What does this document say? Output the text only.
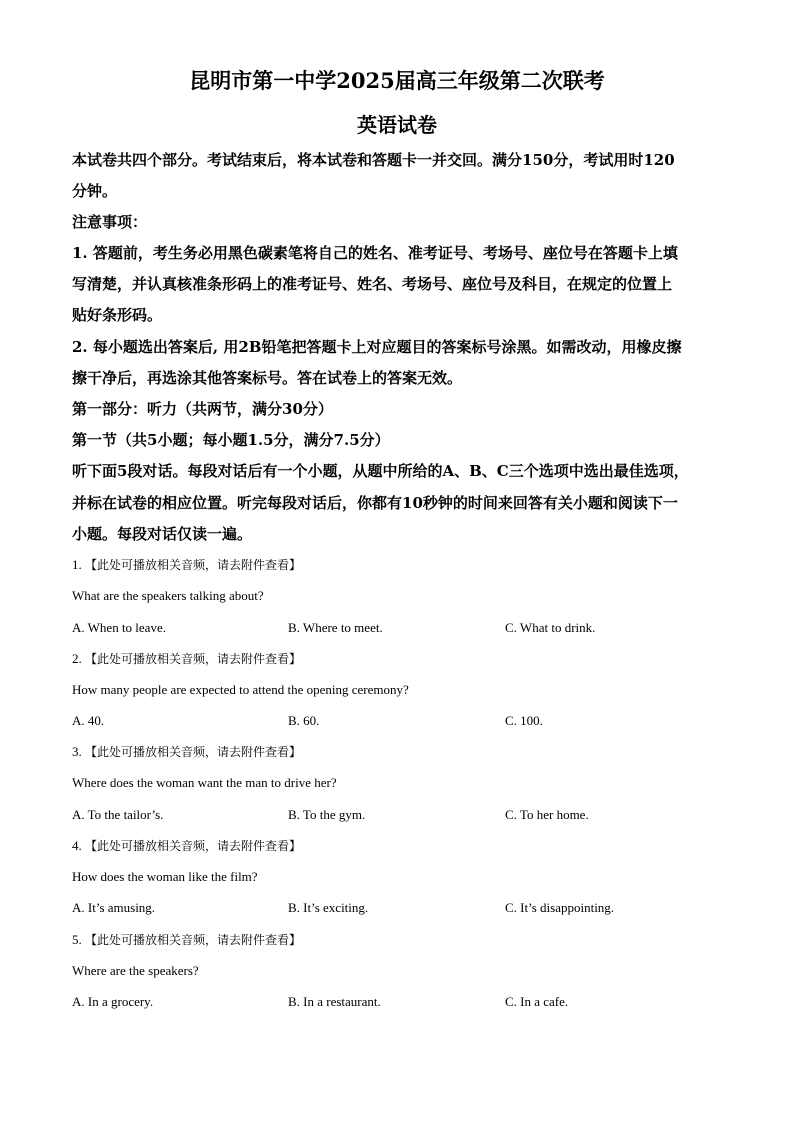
昆明市第一中学2025届高三年级第二次联考
英语试卷
本试卷共四个部分。考试结束后，将本试卷和答题卡一并交回。满分150分，考试用时120
分钟。
注意事项：
1. 答题前，考生务必用黑色碳素笔将自己的姓名、准考证号、考场号、座位号在答题卡上填
写清楚，并认真核准条形码上的准考证号、姓名、考场号、座位号及科目，在规定的位置上
贴好条形码。
2. 每小题选出答案后, 用2B铅笔把答题卡上对应题目的答案标号涂黑。如需改动，用橡皮擦
擦干净后，再选涂其他答案标号。答在试卷上的答案无效。
第一部分：听力（共两节，满分30分）
第一节（共5小题；每小题1.5分，满分7.5分）
听下面5段对话。每段对话后有一个小题，从题中所给的A、B、C三个选项中选出最佳选项，
并标在试卷的相应位置。听完每段对话后，你都有10秒钟的时间来回答有关小题和阅读下一
小题。每段对话仅读一遍。
1. 【此处可播放相关音频，请去附件查看】
What are the speakers talking about?
A. When to leave.	B. Where to meet.	C. What to drink.
2. 【此处可播放相关音频，请去附件查看】
How many people are expected to attend the opening ceremony?
A. 40.	B. 60.	C. 100.
3. 【此处可播放相关音频，请去附件查看】
Where does the woman want the man to drive her?
A. To the tailor’s.	B. To the gym.	C. To her home.
4. 【此处可播放相关音频，请去附件查看】
How does the woman like the film?
A. It’s amusing.	B. It’s exciting.	C. It’s disappointing.
5. 【此处可播放相关音频，请去附件查看】
Where are the speakers?
A. In a grocery.	B. In a restaurant.	C. In a cafe.
